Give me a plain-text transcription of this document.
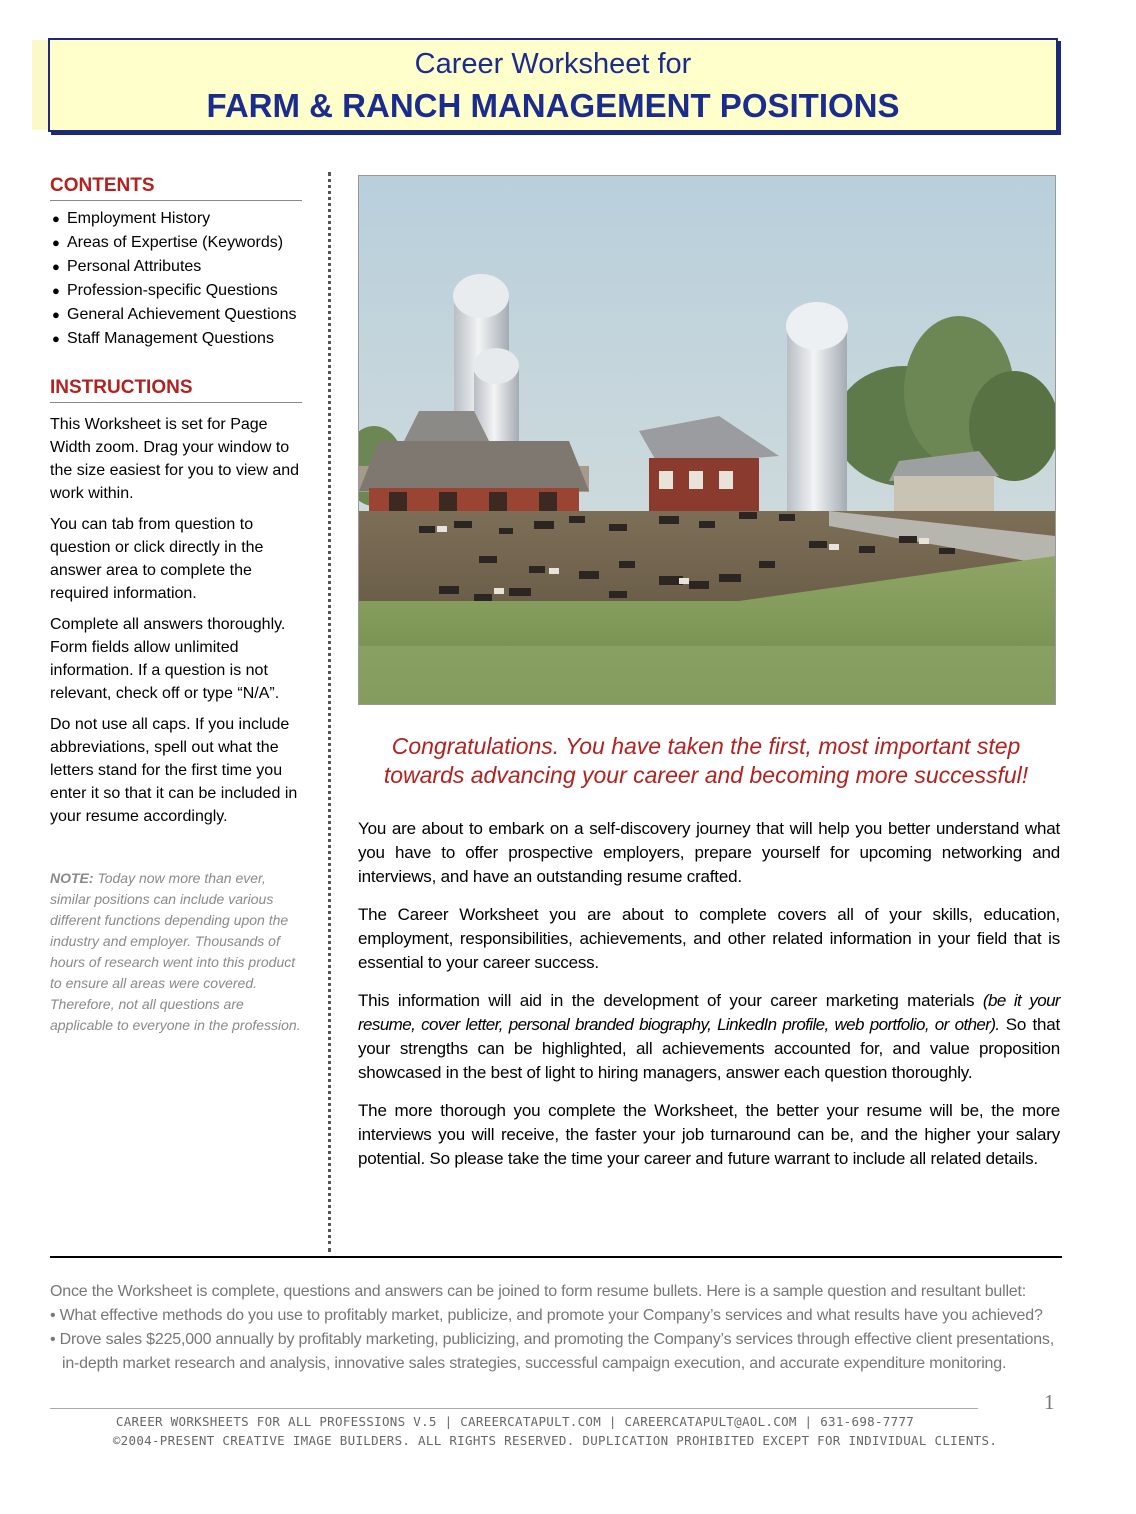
Career Worksheet for
FARM & RANCH MANAGEMENT POSITIONS
CONTENTS
● Employment History
● Areas of Expertise (Keywords)
● Personal Attributes
● Profession-specific Questions
● General Achievement Questions
● Staff Management Questions
INSTRUCTIONS

This Worksheet is set for Page Width zoom. Drag your window to the size easiest for you to view and work within.

You can tab from question to question or click directly in the answer area to complete the required information.

Complete all answers thoroughly. Form fields allow unlimited information. If a question is not relevant, check off or type “N/A”.

Do not use all caps. If you include abbreviations, spell out what the letters stand for the first time you enter it so that it can be included in your resume accordingly.

NOTE: Today now more than ever, similar positions can include various different functions depending upon the industry and employer. Thousands of hours of research went into this product to ensure all areas were covered. Therefore, not all questions are applicable to everyone in the profession.
Congratulations. You have taken the first, most important step towards advancing your career and becoming more successful!

You are about to embark on a self-discovery journey that will help you better understand what you have to offer prospective employers, prepare yourself for upcoming networking and interviews, and have an outstanding resume crafted.

The Career Worksheet you are about to complete covers all of your skills, education, employment, responsibilities, achievements, and other related information in your field that is essential to your career success.

This information will aid in the development of your career marketing materials (be it your resume, cover letter, personal branded biography, LinkedIn profile, web portfolio, or other). So that your strengths can be highlighted, all achievements accounted for, and value proposition showcased in the best of light to hiring managers, answer each question thoroughly.

The more thorough you complete the Worksheet, the better your resume will be, the more interviews you will receive, the faster your job turnaround can be, and the higher your salary potential. So please take the time your career and future warrant to include all related details.

Once the Worksheet is complete, questions and answers can be joined to form resume bullets. Here is a sample question and resultant bullet:
• What effective methods do you use to profitably market, publicize, and promote your Company’s services and what results have you achieved?
• Drove sales $225,000 annually by profitably marketing, publicizing, and promoting the Company’s services through effective client presentations,
in-depth market research and analysis, innovative sales strategies, successful campaign execution, and accurate expenditure monitoring.
1
CAREER WORKSHEETS FOR ALL PROFESSIONS V.5 | CAREERCATAPULT.COM | CAREERCATAPULT@AOL.COM | 631-698-7777
©2004-PRESENT CREATIVE IMAGE BUILDERS. ALL RIGHTS RESERVED. DUPLICATION PROHIBITED EXCEPT FOR INDIVIDUAL CLIENTS.
